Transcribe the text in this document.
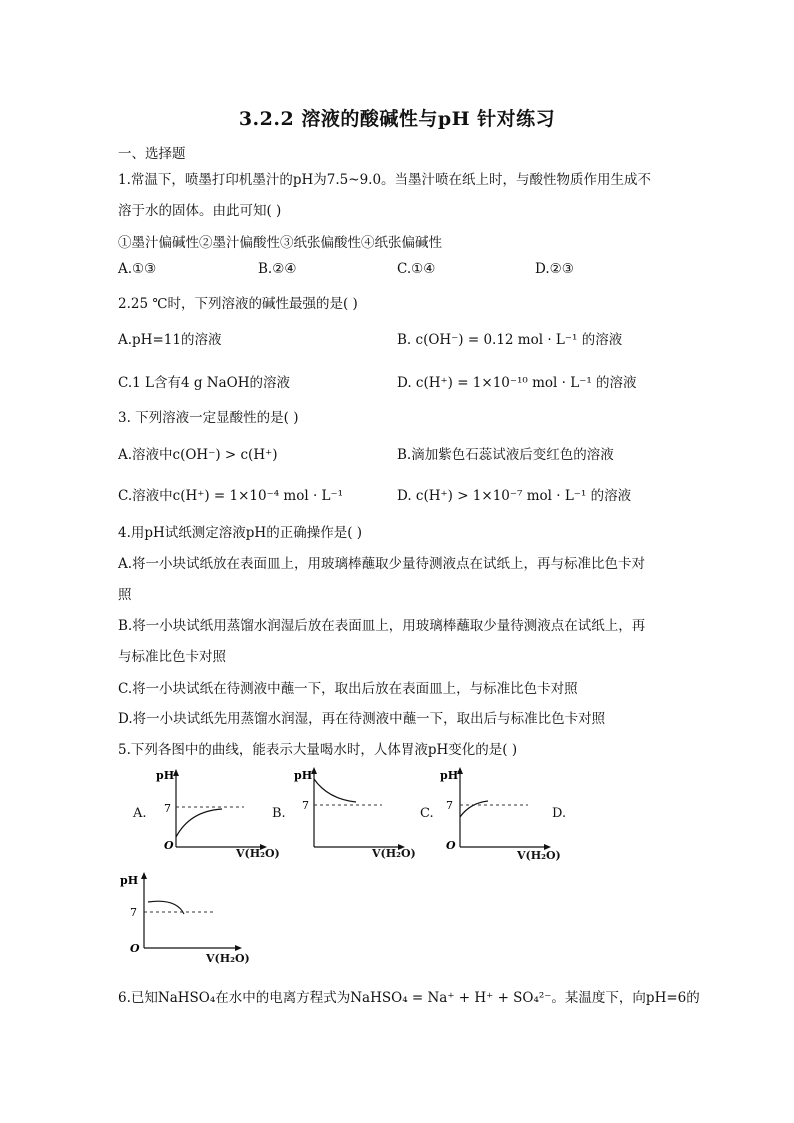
3.2.2 溶液的酸碱性与pH 针对练习
一、选择题
1.常温下，喷墨打印机墨汁的pH为7.5~9.0。当墨汁喷在纸上时，与酸性物质作用生成不
溶于水的固体。由此可知( )
①墨汁偏碱性②墨汁偏酸性③纸张偏酸性④纸张偏碱性
A.①③	B.②④	C.①④	D.②③
2.25 ℃时，下列溶液的碱性最强的是( )
A.pH=11的溶液	B. c(OH⁻) = 0.12 mol · L⁻¹ 的溶液
C.1 L含有4 g NaOH的溶液	D. c(H⁺) = 1×10⁻¹⁰ mol · L⁻¹ 的溶液
3. 下列溶液一定显酸性的是( )
A.溶液中c(OH⁻) > c(H⁺)	B.滴加紫色石蕊试液后变红色的溶液
C.溶液中c(H⁺) = 1×10⁻⁴ mol · L⁻¹	D. c(H⁺) > 1×10⁻⁷ mol · L⁻¹ 的溶液
4.用pH试纸测定溶液pH的正确操作是( )
A.将一小块试纸放在表面皿上，用玻璃棒蘸取少量待测液点在试纸上，再与标准比色卡对
照
B.将一小块试纸用蒸馏水润湿后放在表面皿上，用玻璃棒蘸取少量待测液点在试纸上，再
与标准比色卡对照
C.将一小块试纸在待测液中蘸一下，取出后放在表面皿上，与标准比色卡对照
D.将一小块试纸先用蒸馏水润湿，再在待测液中蘸一下，取出后与标准比色卡对照
5.下列各图中的曲线，能表示大量喝水时，人体胃液pH变化的是( )
A.	B.	C.	D.
pH
7
O
V(H₂O)
pH
7
V(H₂O)
pH
7
O
V(H₂O)
pH
7
O
V(H₂O)
6.已知NaHSO₄在水中的电离方程式为NaHSO₄ = Na⁺ + H⁺ + SO₄²⁻。某温度下，向pH=6的
